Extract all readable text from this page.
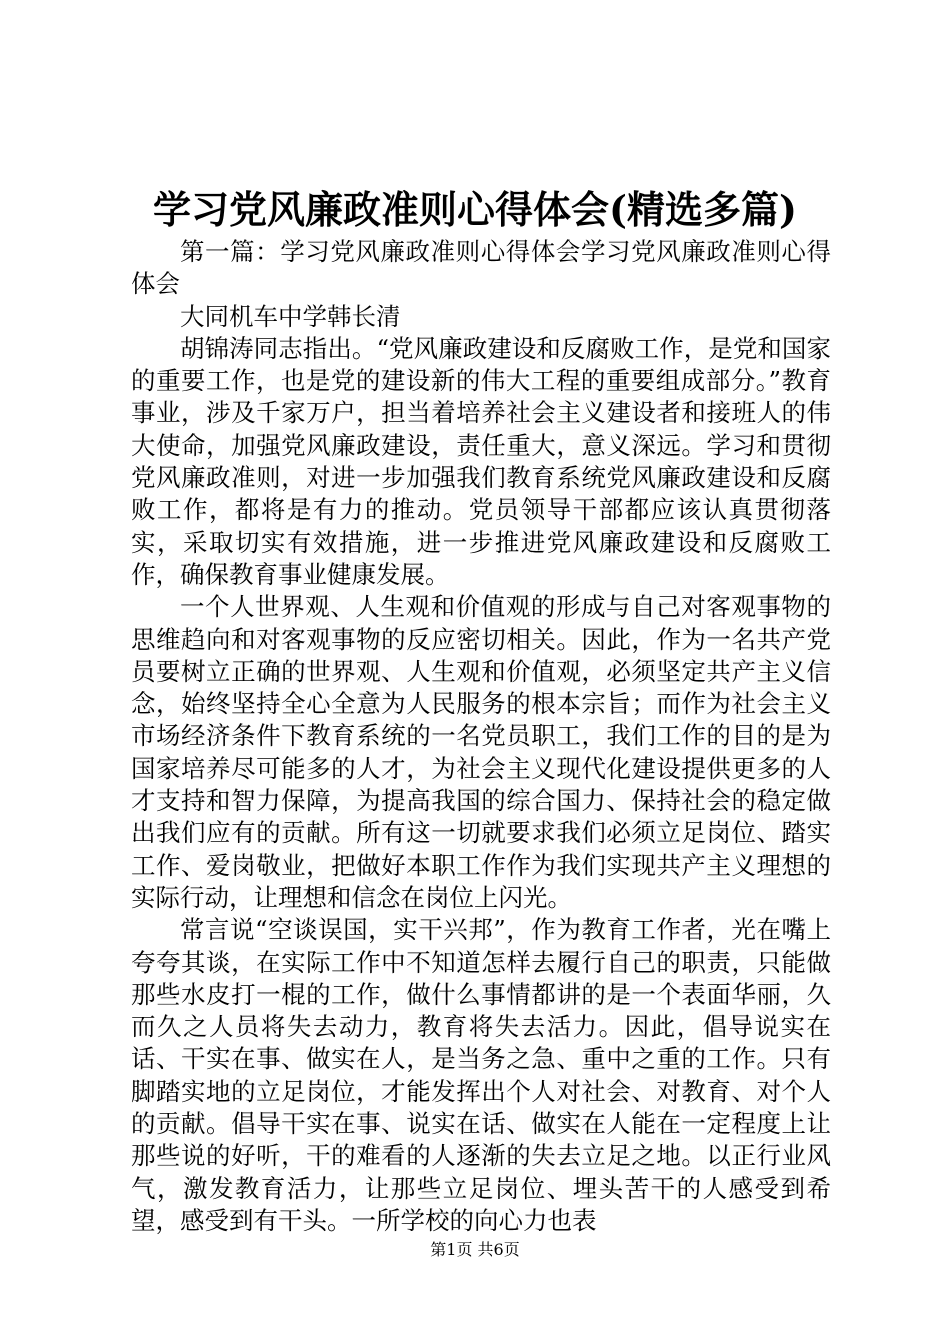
学习党风廉政准则心得体会(精选多篇)

第一篇：学习党风廉政准则心得体会学习党风廉政准则心得体会

大同机车中学韩长清

胡锦涛同志指出。“党风廉政建设和反腐败工作，是党和国家的重要工作，也是党的建设新的伟大工程的重要组成部分。”教育事业，涉及千家万户，担当着培养社会主义建设者和接班人的伟大使命，加强党风廉政建设，责任重大，意义深远。学习和贯彻党风廉政准则，对进一步加强我们教育系统党风廉政建设和反腐败工作，都将是有力的推动。党员领导干部都应该认真贯彻落实，采取切实有效措施，进一步推进党风廉政建设和反腐败工作，确保教育事业健康发展。

一个人世界观、人生观和价值观的形成与自己对客观事物的思维趋向和对客观事物的反应密切相关。因此，作为一名共产党员要树立正确的世界观、人生观和价值观，必须坚定共产主义信念，始终坚持全心全意为人民服务的根本宗旨；而作为社会主义市场经济条件下教育系统的一名党员职工，我们工作的目的是为国家培养尽可能多的人才，为社会主义现代化建设提供更多的人才支持和智力保障，为提高我国的综合国力、保持社会的稳定做出我们应有的贡献。所有这一切就要求我们必须立足岗位、踏实工作、爱岗敬业，把做好本职工作作为我们实现共产主义理想的实际行动，让理想和信念在岗位上闪光。

常言说“空谈误国，实干兴邦”，作为教育工作者，光在嘴上夸夸其谈，在实际工作中不知道怎样去履行自己的职责，只能做那些水皮打一棍的工作，做什么事情都讲的是一个表面华丽，久而久之人员将失去动力，教育将失去活力。因此，倡导说实在话、干实在事、做实在人，是当务之急、重中之重的工作。只有脚踏实地的立足岗位，才能发挥出个人对社会、对教育、对个人的贡献。倡导干实在事、说实在话、做实在人能在一定程度上让那些说的好听，干的难看的人逐渐的失去立足之地。以正行业风气，激发教育活力，让那些立足岗位、埋头苦干的人感受到希望，感受到有干头。一所学校的向心力也表

第1页 共6页
